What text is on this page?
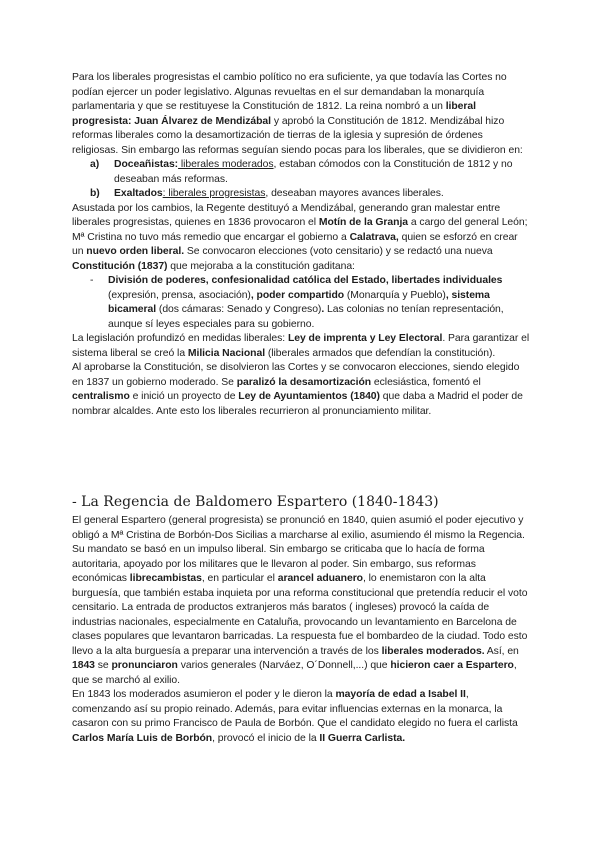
Para los liberales progresistas el cambio político no era suficiente, ya que todavía las Cortes no podían ejercer un poder legislativo. Algunas revueltas en el sur demandaban la monarquía parlamentaria y que se restituyese la Constitución de 1812. La reina nombró a un liberal progresista: Juan Álvarez de Mendizábal y aprobó la Constitución de 1812. Mendizábal hizo reformas liberales como la desamortización de tierras de la iglesia y supresión de órdenes religiosas. Sin embargo las reformas seguían siendo pocas para los liberales, que se dividieron en:

a)	Doceañistas: liberales moderados, estaban cómodos con la Constitución de 1812 y no deseaban más reformas.
b)	Exaltados: liberales progresistas, deseaban mayores avances liberales.

Asustada por los cambios, la Regente destituyó a Mendizábal, generando gran malestar entre liberales progresistas, quienes en 1836 provocaron el Motín de la Granja a cargo del general León; Mª Cristina no tuvo más remedio que encargar el gobierno a Calatrava, quien se esforzó en crear un nuevo orden liberal. Se convocaron elecciones (voto censitario) y se redactó una nueva Constitución (1837) que mejoraba a la constitución gaditana:

-	División de poderes, confesionalidad católica del Estado, libertades individuales (expresión, prensa, asociación), poder compartido (Monarquía y Pueblo), sistema bicameral (dos cámaras: Senado y Congreso). Las colonias no tenían representación, aunque sí leyes especiales para su gobierno.

La legislación profundizó en medidas liberales: Ley de imprenta y Ley Electoral. Para garantizar el sistema liberal se creó la Milicia Nacional (liberales armados que defendían la constitución).

Al aprobarse la Constitución, se disolvieron las Cortes y se convocaron elecciones, siendo elegido en 1837 un gobierno moderado. Se paralizó la desamortización eclesiástica, fomentó el centralismo e inició un proyecto de Ley de Ayuntamientos (1840) que daba a Madrid el poder de nombrar alcaldes. Ante esto los liberales recurrieron al pronunciamiento militar.

- La Regencia de Baldomero Espartero (1840-1843)

El general Espartero (general progresista) se pronunció en 1840, quien asumió el poder ejecutivo y obligó a Mª Cristina de Borbón-Dos Sicilias a marcharse al exilio, asumiendo él mismo la Regencia.

Su mandato se basó en un impulso liberal. Sin embargo se criticaba que lo hacía de forma autoritaria, apoyado por los militares que le llevaron al poder. Sin embargo, sus reformas económicas librecambistas, en particular el arancel aduanero, lo enemistaron con la alta burguesía, que también estaba inquieta por una reforma constitucional que pretendía reducir el voto censitario. La entrada de productos extranjeros más baratos ( ingleses) provocó la caída de industrias nacionales, especialmente en Cataluña, provocando un levantamiento en Barcelona de clases populares que levantaron barricadas. La respuesta fue el bombardeo de la ciudad. Todo esto llevo a la alta burguesía a preparar una intervención a través de los liberales moderados. Así, en 1843 se pronunciaron varios generales (Narváez, O´Donnell,...) que hicieron caer a Espartero, que se marchó al exilio.

En 1843 los moderados asumieron el poder y le dieron la mayoría de edad a Isabel II, comenzando así su propio reinado. Además, para evitar influencias externas en la monarca, la casaron con su primo Francisco de Paula de Borbón. Que el candidato elegido no fuera el carlista Carlos María Luis de Borbón, provocó el inicio de la II Guerra Carlista.
